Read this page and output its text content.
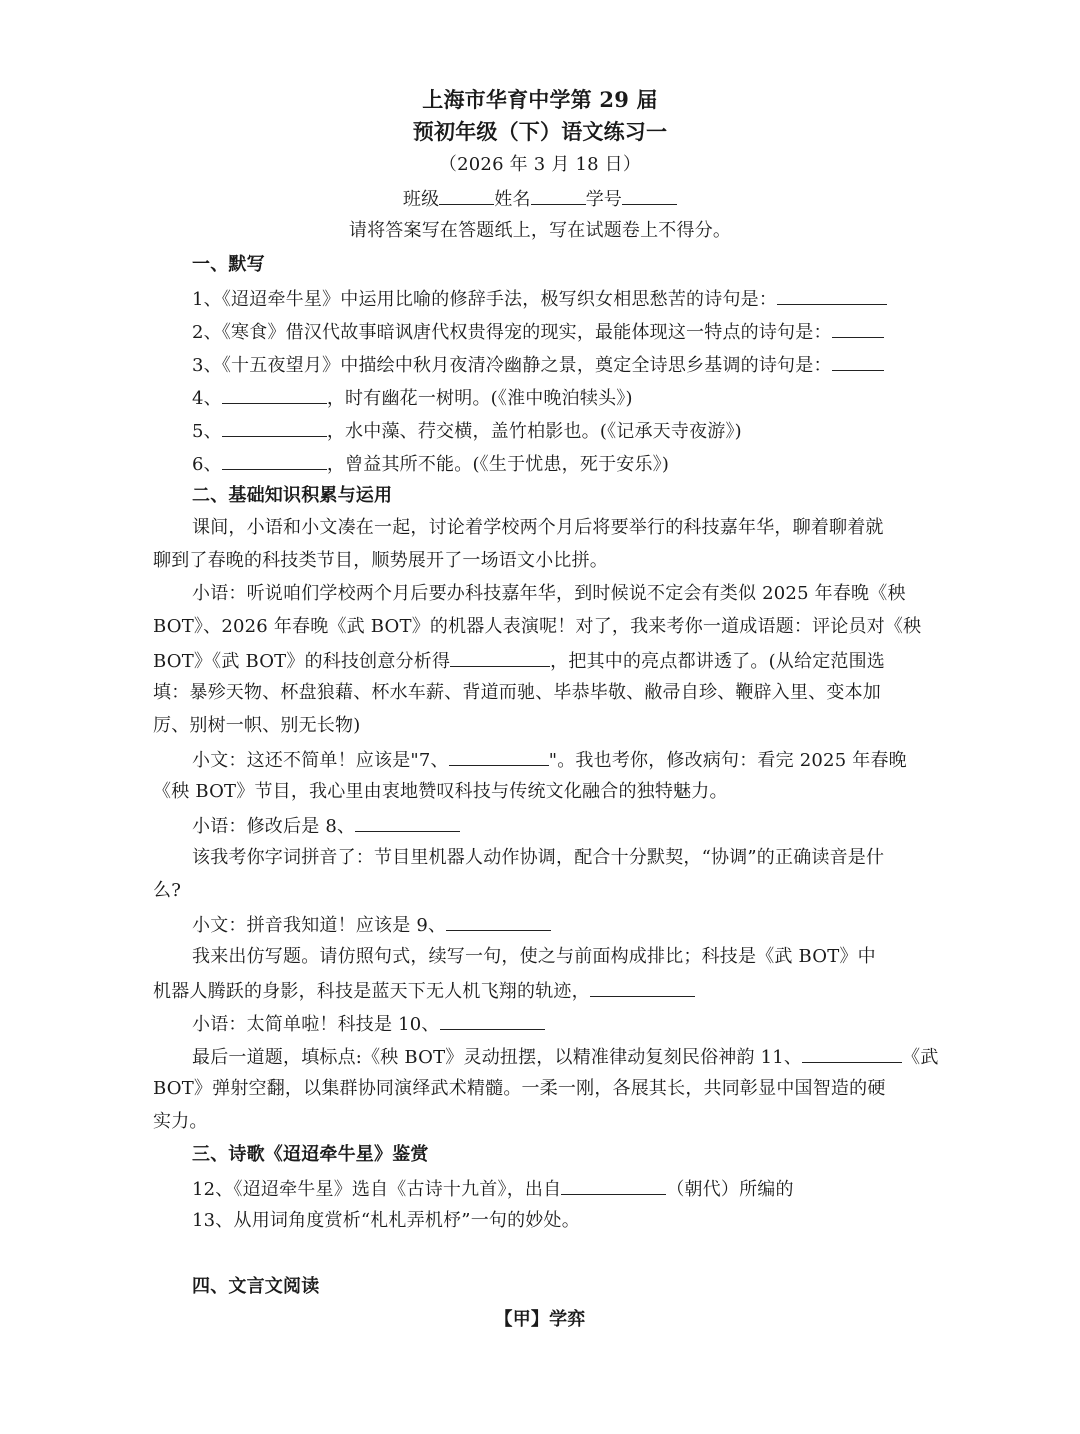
上海市华育中学第 29 届
预初年级（下）语文练习一
（2026 年 3 月 18 日）
班级	姓名	学号
请将答案写在答题纸上，写在试题卷上不得分。
一、默写
1、《迢迢牵牛星》中运用比喻的修辞手法，极写织女相思愁苦的诗句是：
2、《寒食》借汉代故事暗讽唐代权贵得宠的现实，最能体现这一特点的诗句是：
3、《十五夜望月》中描绘中秋月夜清冷幽静之景，奠定全诗思乡基调的诗句是：
4、	，时有幽花一树明。(《淮中晚泊犊头》)
5、	，水中藻、荇交横，盖竹柏影也。(《记承天寺夜游》)
6、	，曾益其所不能。(《生于忧患，死于安乐》)
二、基础知识积累与运用
课间，小语和小文凑在一起，讨论着学校两个月后将要举行的科技嘉年华，聊着聊着就
聊到了春晚的科技类节目，顺势展开了一场语文小比拼。
小语：听说咱们学校两个月后要办科技嘉年华，到时候说不定会有类似 2025 年春晚《秧
BOT》、2026 年春晚《武 BOT》的机器人表演呢！对了，我来考你一道成语题：评论员对《秧
BOT》《武 BOT》的科技创意分析得	，把其中的亮点都讲透了。(从给定范围选
填：暴殄天物、杯盘狼藉、杯水车薪、背道而驰、毕恭毕敬、敝帚自珍、鞭辟入里、变本加
厉、别树一帜、别无长物)
小文：这还不简单！应该是"7、	"。我也考你，修改病句：看完 2025 年春晚
《秧 BOT》节目，我心里由衷地赞叹科技与传统文化融合的独特魅力。
小语：修改后是 8、
该我考你字词拼音了：节目里机器人动作协调，配合十分默契，“协调”的正确读音是什
么?
小文：拼音我知道！应该是 9、
我来出仿写题。请仿照句式，续写一句，使之与前面构成排比；科技是《武 BOT》中
机器人腾跃的身影，科技是蓝天下无人机飞翔的轨迹，
小语：太简单啦！科技是 10、
最后一道题，填标点:《秧 BOT》灵动扭摆，以精准律动复刻民俗神韵 11、	《武
BOT》弹射空翻，以集群协同演绎武术精髓。一柔一刚，各展其长，共同彰显中国智造的硬
实力。
三、诗歌《迢迢牵牛星》鉴赏
12、《迢迢牵牛星》选自《古诗十九首》，出自	（朝代）所编的
13、从用词角度赏析“札札弄机杼”一句的妙处。
四、文言文阅读
【甲】学弈
